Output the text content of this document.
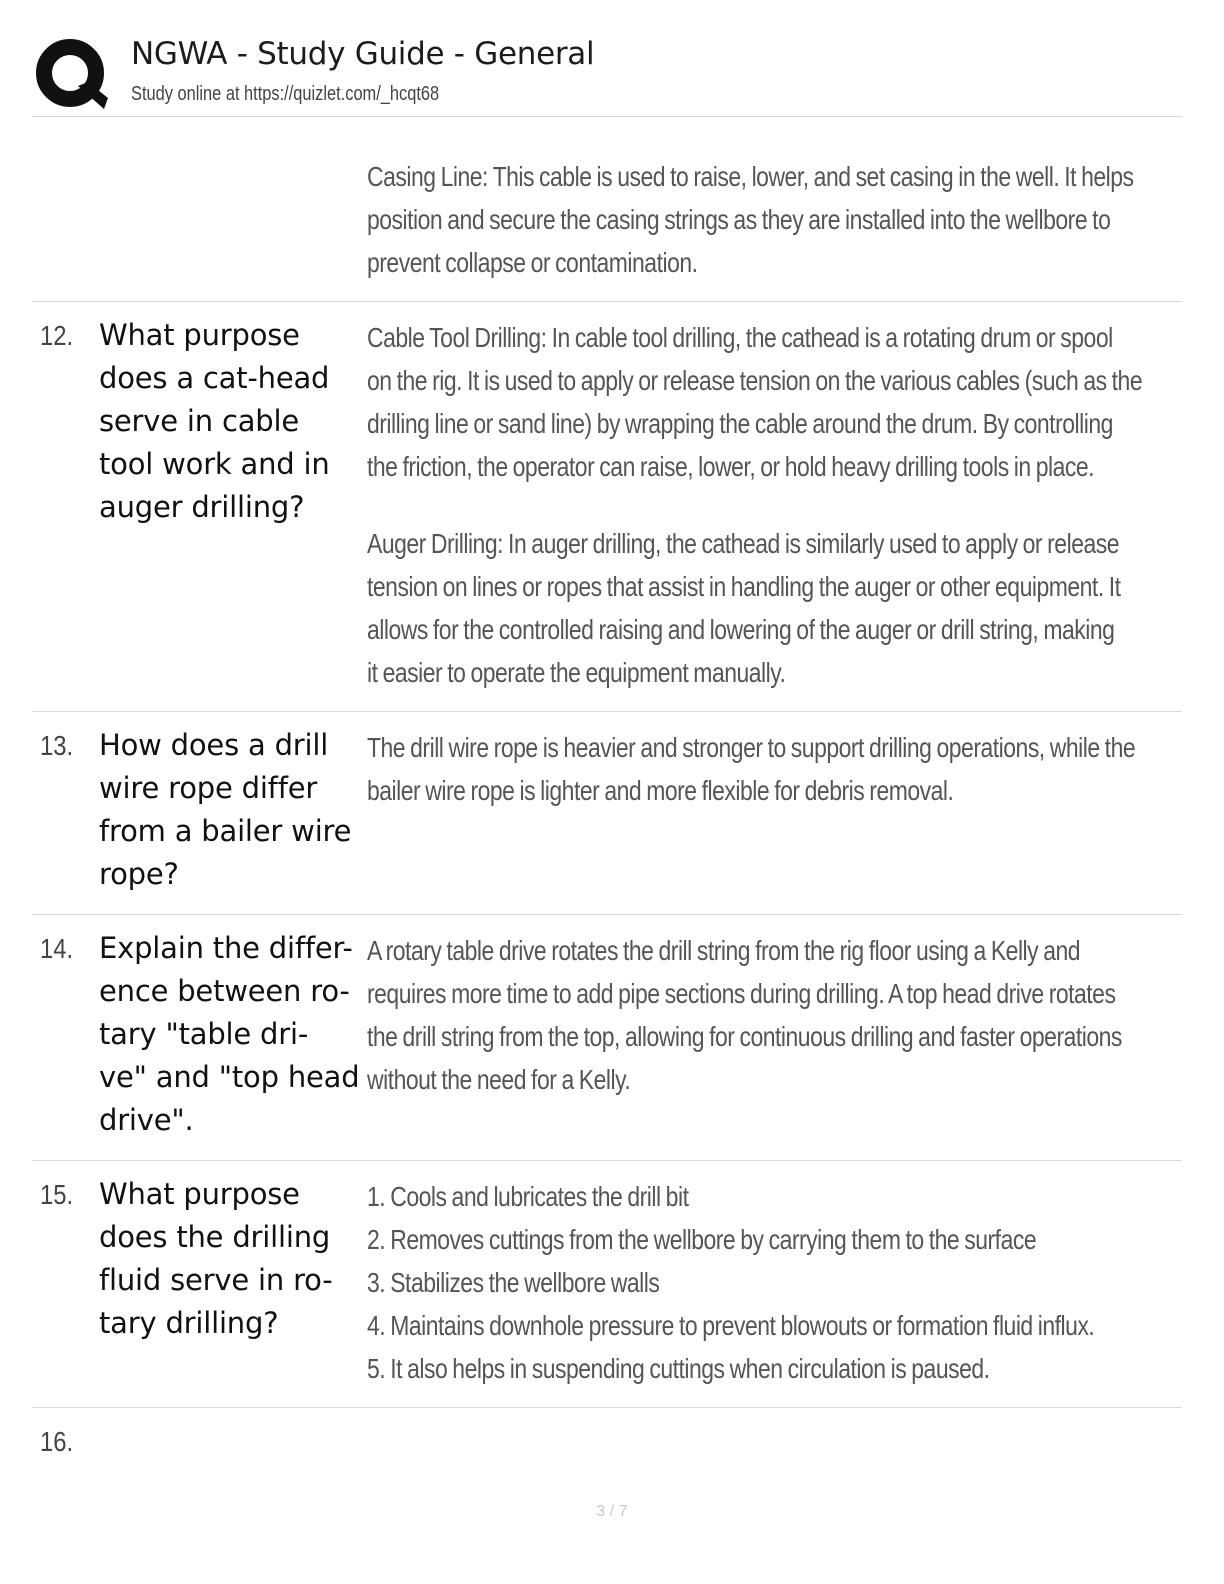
NGWA - Study Guide - General
Study online at https://quizlet.com/_hcqt68
Casing Line: This cable is used to raise, lower, and set casing in the well. It helps
position and secure the casing strings as they are installed into the wellbore to
prevent collapse or contamination.
12. What purpose
does a cat-head
serve in cable
tool work and in
auger drilling?
Cable Tool Drilling: In cable tool drilling, the cathead is a rotating drum or spool
on the rig. It is used to apply or release tension on the various cables (such as the
drilling line or sand line) by wrapping the cable around the drum. By controlling
the friction, the operator can raise, lower, or hold heavy drilling tools in place.
Auger Drilling: In auger drilling, the cathead is similarly used to apply or release
tension on lines or ropes that assist in handling the auger or other equipment. It
allows for the controlled raising and lowering of the auger or drill string, making
it easier to operate the equipment manually.
13. How does a drill
wire rope differ
from a bailer wire
rope?
The drill wire rope is heavier and stronger to support drilling operations, while the
bailer wire rope is lighter and more flexible for debris removal.
14. Explain the differ-
ence between ro-
tary "table dri-
ve" and "top head
drive".
A rotary table drive rotates the drill string from the rig floor using a Kelly and
requires more time to add pipe sections during drilling. A top head drive rotates
the drill string from the top, allowing for continuous drilling and faster operations
without the need for a Kelly.
15. What purpose
does the drilling
fluid serve in ro-
tary drilling?
1. Cools and lubricates the drill bit
2. Removes cuttings from the wellbore by carrying them to the surface
3. Stabilizes the wellbore walls
4. Maintains downhole pressure to prevent blowouts or formation fluid influx.
5. It also helps in suspending cuttings when circulation is paused.
16.
3 / 7
